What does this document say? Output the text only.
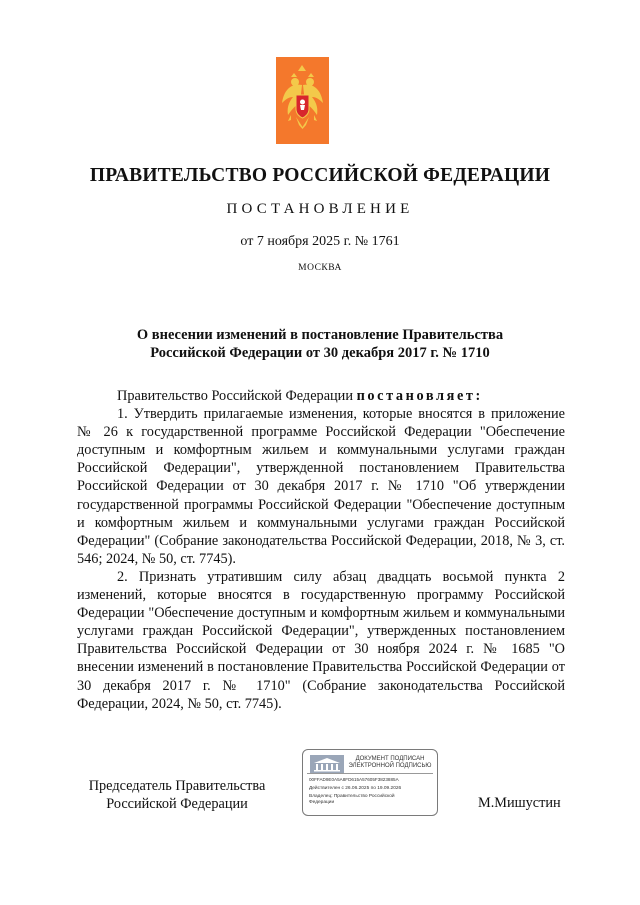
ПРАВИТЕЛЬСТВО РОССИЙСКОЙ ФЕДЕРАЦИИ
ПОСТАНОВЛЕНИЕ
от 7 ноября 2025 г. № 1761
МОСКВА
О внесении изменений в постановление Правительства
Российской Федерации от 30 декабря 2017 г. № 1710

Правительство Российской Федерации постановляет:

1. Утвердить прилагаемые изменения, которые вносятся в приложение № 26 к государственной программе Российской Федерации "Обеспечение доступным и комфортным жильем и коммунальными услугами граждан Российской Федерации", утвержденной постановлением Правительства Российской Федерации от 30 декабря 2017 г. № 1710 "Об утверждении государственной программы Российской Федерации "Обеспечение доступным и комфортным жильем и коммунальными услугами граждан Российской Федерации" (Собрание законодательства Российской Федерации, 2018, № 3, ст. 546; 2024, № 50, ст. 7745).

2. Признать утратившим силу абзац двадцать восьмой пункта 2 изменений, которые вносятся в государственную программу Российской Федерации "Обеспечение доступным и комфортным жильем и коммунальными услугами граждан Российской Федерации", утвержденных постановлением Правительства Российской Федерации от 30 ноября 2024 г. № 1685 "О внесении изменений в постановление Правительства Российской Федерации от 30 декабря 2017 г. № 1710" (Собрание законодательства Российской Федерации, 2024, № 50, ст. 7745).

Председатель Правительства
Российской Федерации
ДОКУМЕНТ ПОДПИСАН
ЭЛЕКТРОННОЙ ПОДПИСЬЮ
00FFAD9E0A5A8FD615A57605F3823885A
Действителен с 26.06.2025 по 19.09.2026
Владелец: Правительство Российской Федерации	М.Мишустин
